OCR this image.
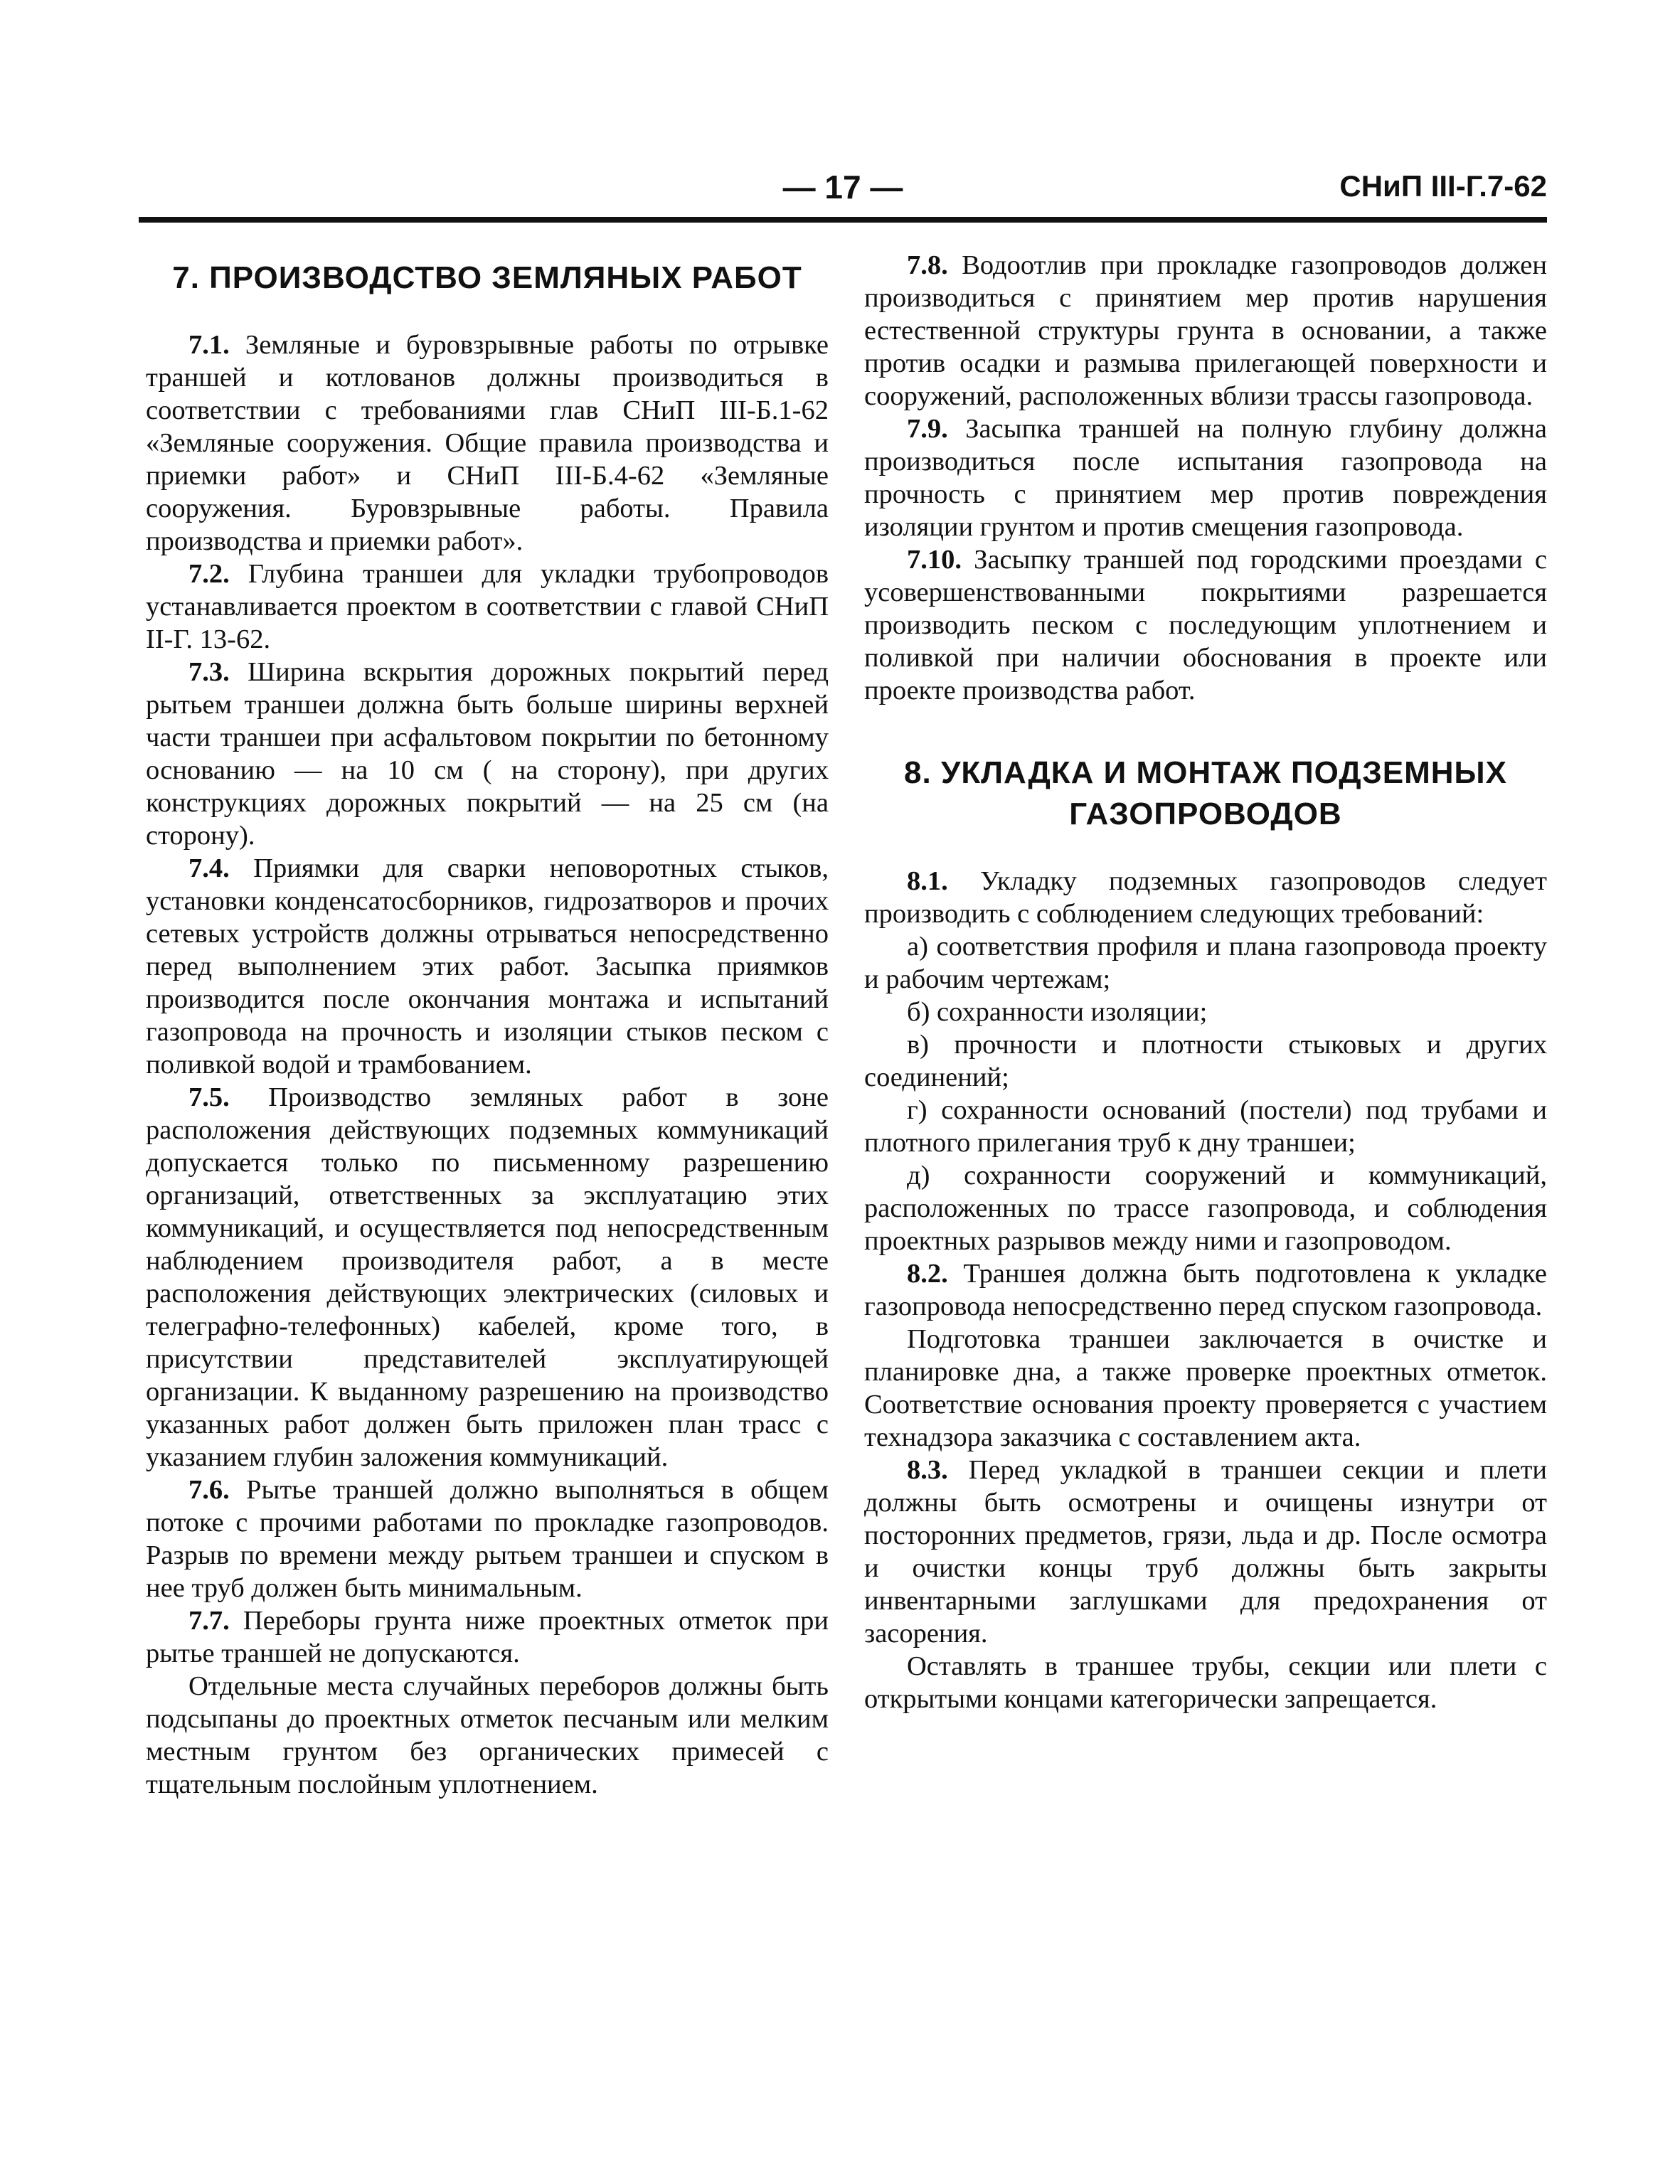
— 17 —	СНиП III-Г.7-62
7. ПРОИЗВОДСТВО ЗЕМЛЯНЫХ РАБОТ

7.1. Земляные и буровзрывные работы по отрывке траншей и котлованов должны производиться в соответствии с требованиями глав СНиП III-Б.1-62 «Земляные сооружения. Общие правила производства и приемки работ» и СНиП III-Б.4-62 «Земляные сооружения. Буровзрывные работы. Правила производства и приемки работ».

7.2. Глубина траншеи для укладки трубопроводов устанавливается проектом в соответствии с главой СНиП II-Г. 13-62.

7.3. Ширина вскрытия дорожных покрытий перед рытьем траншеи должна быть больше ширины верхней части траншеи при асфальтовом покрытии по бетонному основанию — на 10 см ( на сторону), при других конструкциях дорожных покрытий — на 25 см (на сторону).

7.4. Приямки для сварки неповоротных стыков, установки конденсатосборников, гидрозатворов и прочих сетевых устройств должны отрываться непосредственно перед выполнением этих работ. Засыпка приямков производится после окончания монтажа и испытаний газопровода на прочность и изоляции стыков песком с поливкой водой и трамбованием.

7.5. Производство земляных работ в зоне расположения действующих подземных коммуникаций допускается только по письменному разрешению организаций, ответственных за эксплуатацию этих коммуникаций, и осуществляется под непосредственным наблюдением производителя работ, а в месте расположения действующих электрических (силовых и телеграфно-телефонных) кабелей, кроме того, в присутствии представителей эксплуатирующей организации. К выданному разрешению на производство указанных работ должен быть приложен план трасс с указанием глубин заложения коммуникаций.

7.6. Рытье траншей должно выполняться в общем потоке с прочими работами по прокладке газопроводов. Разрыв по времени между рытьем траншеи и спуском в нее труб должен быть минимальным.

7.7. Переборы грунта ниже проектных отметок при рытье траншей не допускаются.

Отдельные места случайных переборов должны быть подсыпаны до проектных отметок песчаным или мелким местным грунтом без органических примесей с тщательным послойным уплотнением.

7.8. Водоотлив при прокладке газопроводов должен производиться с принятием мер против нарушения естественной структуры грунта в основании, а также против осадки и размыва прилегающей поверхности и сооружений, расположенных вблизи трассы газопровода.

7.9. Засыпка траншей на полную глубину должна производиться после испытания газопровода на прочность с принятием мер против повреждения изоляции грунтом и против смещения газопровода.

7.10. Засыпку траншей под городскими проездами с усовершенствованными покрытиями разрешается производить песком с последующим уплотнением и поливкой при наличии обоснования в проекте или проекте производства работ.

8. УКЛАДКА И МОНТАЖ ПОДЗЕМНЫХ ГАЗОПРОВОДОВ

8.1. Укладку подземных газопроводов следует производить с соблюдением следующих требований:

а) соответствия профиля и плана газопровода проекту и рабочим чертежам;

б) сохранности изоляции;

в) прочности и плотности стыковых и других соединений;

г) сохранности оснований (постели) под трубами и плотного прилегания труб к дну траншеи;

д) сохранности сооружений и коммуникаций, расположенных по трассе газопровода, и соблюдения проектных разрывов между ними и газопроводом.

8.2. Траншея должна быть подготовлена к укладке газопровода непосредственно перед спуском газопровода.

Подготовка траншеи заключается в очистке и планировке дна, а также проверке проектных отметок. Соответствие основания проекту проверяется с участием технадзора заказчика с составлением акта.

8.3. Перед укладкой в траншеи секции и плети должны быть осмотрены и очищены изнутри от посторонних предметов, грязи, льда и др. После осмотра и очистки концы труб должны быть закрыты инвентарными заглушками для предохранения от засорения.

Оставлять в траншее трубы, секции или плети с открытыми концами категорически запрещается.
